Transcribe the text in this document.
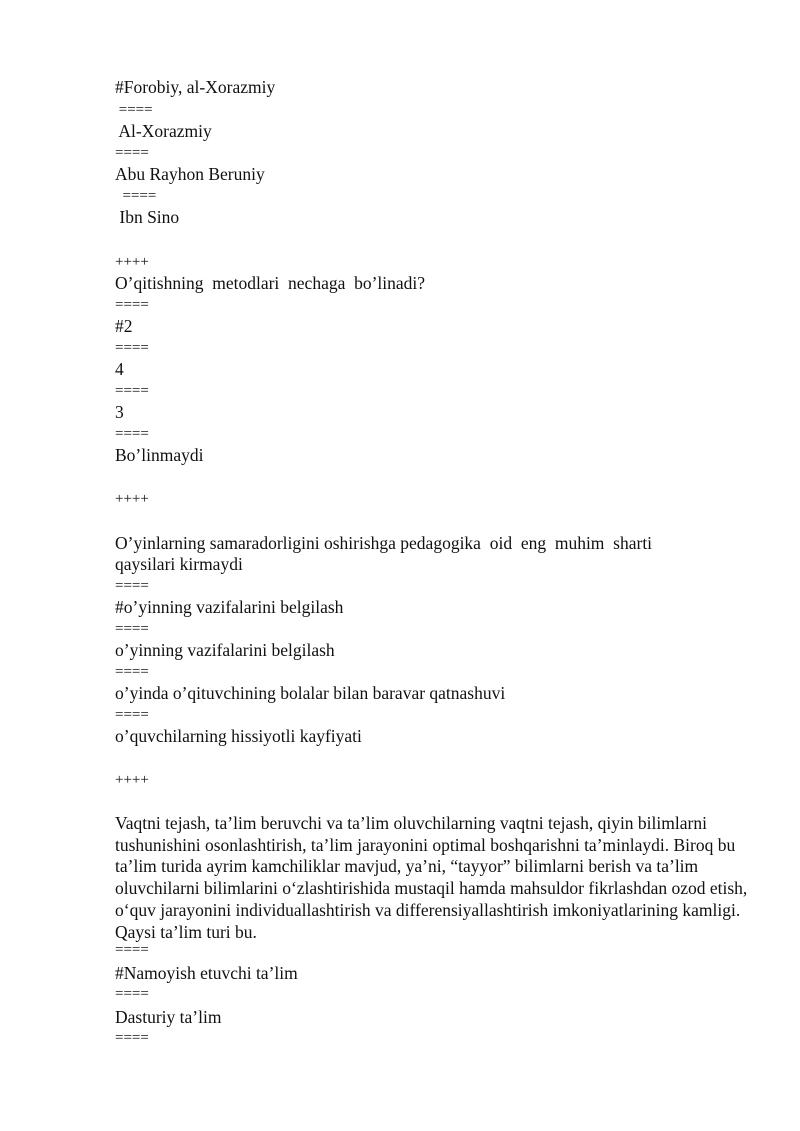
#Forobiy, al-Xorazmiy
====
Al-Xorazmiy
====
Abu Rayhon Beruniy
====
Ibn Sino
++++
O’qitishning  metodlari  nechaga  bo’linadi?
====
#2
====
4
====
3
====
Bo’linmaydi
++++
O’yinlarning samaradorligini oshirishga pedagogika  oid  eng  muhim  sharti
qaysilari kirmaydi
====
#o’yinning vazifalarini belgilash
====
o’yinning vazifalarini belgilash
====
o’yinda o’qituvchining bolalar bilan baravar qatnashuvi
====
o’quvchilarning hissiyotli kayfiyati
++++
Vaqtni tejash, ta’lim beruvchi va ta’lim oluvchilarning vaqtni tejash, qiyin bilimlarni tushunishini osonlashtirish, ta’lim jarayonini optimal boshqarishni ta’minlaydi. Biroq bu ta’lim turida ayrim kamchiliklar mavjud, ya’ni, “tayyor” bilimlarni berish va ta’lim oluvchilarni bilimlarini o‘zlashtirishida mustaqil hamda mahsuldor fikrlashdan ozod etish, o‘quv jarayonini individuallashtirish va differensiyallashtirish imkoniyatlarining kamligi. Qaysi ta’lim turi bu.
====
#Namoyish etuvchi ta’lim
====
Dasturiy ta’lim
====
